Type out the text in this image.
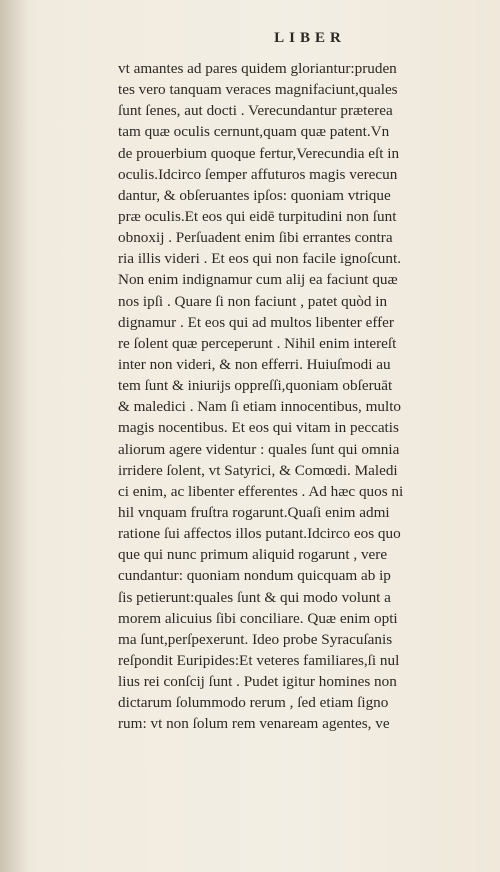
LIBER
vt amantes ad pares quidem gloriantur:pruden
tes vero tanquam veraces magnifaciunt,quales
ſunt ſenes, aut docti . Verecundantur præterea
tam quæ oculis cernunt,quam quæ patent.Vn
de prouerbium quoque fertur,Verecundia eſt in
oculis.Idcirco ſemper affuturos magis verecun
dantur, & obſeruantes ipſos: quoniam vtrique
præ oculis.Et eos qui eidē turpitudini non ſunt
obnoxij . Perſuadent enim ſibi errantes contra
ria illis videri . Et eos qui non facile ignoſcunt.
Non enim indignamur cum alij ea faciunt quæ
nos ipſi . Quare ſi non faciunt , patet quòd in
dignamur . Et eos qui ad multos libenter effer
re ſolent quæ perceperunt . Nihil enim intereſt
inter non videri, & non efferri. Huiuſmodi au
tem ſunt & iniurijs oppreſſi,quoniam obſeruāt
& maledici . Nam ſi etiam innocentibus, multo
magis nocentibus. Et eos qui vitam in peccatis
aliorum agere videntur : quales ſunt qui omnia
irridere ſolent, vt Satyrici, & Comœdi. Maledi
ci enim, ac libenter efferentes . Ad hæc quos ni
hil vnquam fruſtra rogarunt.Quaſi enim admi
ratione ſui affectos illos putant.Idcirco eos quo
que qui nunc primum aliquid rogarunt , vere
cundantur: quoniam nondum quicquam ab ip
ſis petierunt:quales ſunt & qui modo volunt a
morem alicuius ſibi conciliare. Quæ enim opti
ma ſunt,perſpexerunt. Ideo probe Syracuſanis
reſpondit Euripides:Et veteres familiares,ſi nul
lius rei conſcij ſunt . Pudet igitur homines non
dictarum ſolummodo rerum , ſed etiam ſigno
rum: vt non ſolum rem venaream agentes, ve
